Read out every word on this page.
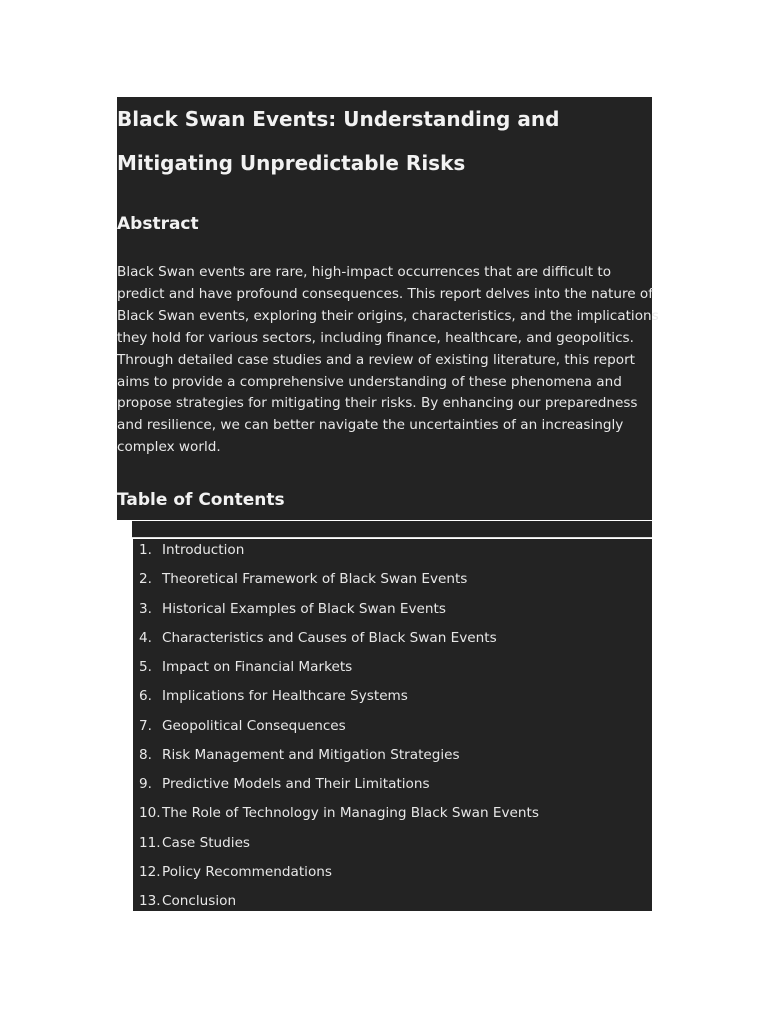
Black Swan Events: Understanding and
Mitigating Unpredictable Risks
Abstract

Black Swan events are rare, high-impact occurrences that are difficult to
predict and have profound consequences. This report delves into the nature of
Black Swan events, exploring their origins, characteristics, and the implications
they hold for various sectors, including finance, healthcare, and geopolitics.
Through detailed case studies and a review of existing literature, this report
aims to provide a comprehensive understanding of these phenomena and
propose strategies for mitigating their risks. By enhancing our preparedness
and resilience, we can better navigate the uncertainties of an increasingly
complex world.

Table of Contents
1. Introduction
2. Theoretical Framework of Black Swan Events
3. Historical Examples of Black Swan Events
4. Characteristics and Causes of Black Swan Events
5. Impact on Financial Markets
6. Implications for Healthcare Systems
7. Geopolitical Consequences
8. Risk Management and Mitigation Strategies
9. Predictive Models and Their Limitations
10. The Role of Technology in Managing Black Swan Events
11. Case Studies
12. Policy Recommendations
13. Conclusion
